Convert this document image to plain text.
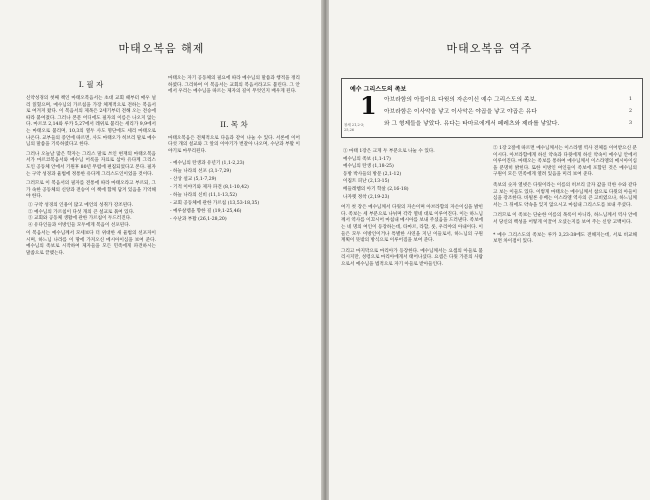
마태오복음 해제
I. 필 자

신약성경의 첫째 책인 마태오복음서는 초대 교회 때부터 매우 널리 읽혔으며, 예수님의 가르침을 가장 체계적으로 전하는 복음서로 여겨져 왔다. 이 복음서의 제목은 2세기부터 전해 오는 전승에 따라 붙여졌다. 그러나 본문 어디에도 필자의 이름은 나오지 않는다. 마르코 2,14와 루카 5,27에서 레위로 불리는 세리가 9,9에서는 마태오로 불리며, 10,3의 열두 사도 명단에도 세리 마태오로 나온다. 교부들의 증언에 따르면, 사도 마태오가 히브리 말로 예수님의 말씀을 기록하였다고 한다.

그러나 오늘날 많은 학자는 그리스 말로 쓰인 현재의 마태오복음서가 마르코복음서와 예수님 어록을 자료로 삼아 유다계 그리스도인 공동체 안에서 기원후 80년 무렵에 편집되었다고 본다. 필자는 구약 성경과 율법에 정통한 유다계 그리스도인이었을 것이다.

그러므로 이 복음서의 필자를 전통에 따라 마태오라고 부르되, 그가 속한 공동체의 신앙과 전승이 이 책에 함께 담겨 있음을 기억해야 한다.

① 구약 성경의 인용이 많고 예언의 성취가 강조된다.
② 예수님의 가르침이 다섯 개의 큰 설교로 묶여 있다.
③ 교회와 공동체 생활에 관한 가르침이 두드러진다.
④ 유다인들과 이방인들 모두에게 복음이 선포된다.

이 복음서는 예수님께서 모세보다 더 위대한 새 율법의 선포자이시며, 하느님 나라를 이 땅에 가져오신 메시아이심을 보여 준다. 예수님의 족보로 시작하여 제자들을 모든 민족에게 파견하시는 말씀으로 끝맺는다.

마태오는 자기 공동체의 필요에 따라 예수님의 말씀과 행적을 정리하였다. 그리하여 이 복음서는 교회의 복음서라고도 불린다. 그 안에서 우리는 예수님을 따르는 제자의 길이 무엇인지 배우게 된다.

II. 목 차

마태오복음은 전체적으로 다음과 같이 나눌 수 있다. 서론에 이어 다섯 개의 설교와 그 앞의 이야기가 번갈아 나오며, 수난과 부활 이야기로 마무리된다.

- 예수님의 탄생과 유년기 (1,1-2,23)
- 하늘 나라의 선포 (3,1-7,29)
- 산상 설교 (5,1-7,29)
- 기적 이야기와 제자 파견 (8,1-10,42)
- 하늘 나라의 신비 (11,1-13,52)
- 교회 공동체에 관한 가르침 (13,53-18,35)
- 예루살렘을 향한 길 (19,1-25,46)
- 수난과 부활 (26,1-28,20)
마태오복음 역주
예수 그리스도의 족보
1
창세 21,2-3; 25,26
아브라함의 아들이요 다윗의 자손이신 예수 그리스도의 족보.	1
아브라함은 이사악을 낳고 이사악은 야곱을 낳고 야곱은 유다	2
와 그 형제들을 낳았다. 유다는 타마르에게서 페레츠와 제라를 낳았다.	3
① 마태 1장은 크게 두 부분으로 나눌 수 있다.
예수님의 족보 (1,1-17)
예수님의 탄생 (1,18-25)
동방 박사들의 방문 (2,1-12)
이집트 피난 (2,13-15)
베들레헴의 아기 학살 (2,16-18)
나자렛 정착 (2,19-23)

여기 첫 장은 예수님께서 다윗의 자손이며 아브라함의 자손이심을 밝힌다. 족보는 세 부분으로 나뉘며 각각 열네 대로 이루어진다. 이는 하느님께서 역사를 이끄시어 마침내 메시아를 보내 주셨음을 드러낸다. 족보에는 네 명의 여인이 등장하는데, 타마르, 라합, 룻, 우리야의 아내이다. 이들은 모두 이방인이거나 특별한 사연을 지닌 이들로서, 하느님의 구원 계획이 뜻밖의 방식으로 이루어짐을 보여 준다.

그리고 마지막으로 마리아가 등장한다. 예수님께서는 요셉의 아들로 불리시지만, 성령으로 마리아에게서 태어나셨다. 요셉은 다윗 가문의 사람으로서 예수님을 법적으로 자기 아들로 받아들인다.

② 1장 2절에 따르면 예수님께서는 이스라엘 역사 전체를 이어받으신 분이시다. 아브라함에게 하신 약속과 다윗에게 하신 약속이 예수님 안에서 이루어진다. 마태오는 족보를 통하여 예수님께서 이스라엘의 메시아이심을 분명히 밝힌다. 또한 이방인 여인들이 족보에 포함된 것은 예수님의 구원이 모든 민족에게 열려 있음을 미리 보여 준다.

족보의 숫자 열넷은 다윗이라는 이름의 히브리 글자 값을 더한 수와 같다고 보는 이들도 있다. 이렇게 마태오는 예수님께서 참으로 다윗의 아들이심을 강조한다. 바빌론 유배는 이스라엘 역사의 큰 고비였으나, 하느님께서는 그 뒤에도 약속을 잊지 않으시고 마침내 그리스도를 보내 주셨다.

그러므로 이 족보는 단순한 이름의 목록이 아니라, 하느님께서 역사 안에서 당신의 백성을 어떻게 이끌어 오셨는지를 보여 주는 신앙 고백이다.

* 예수 그리스도의 족보는 루카 3,23-38에도 전해지는데, 서로 비교해 보면 차이점이 있다.
